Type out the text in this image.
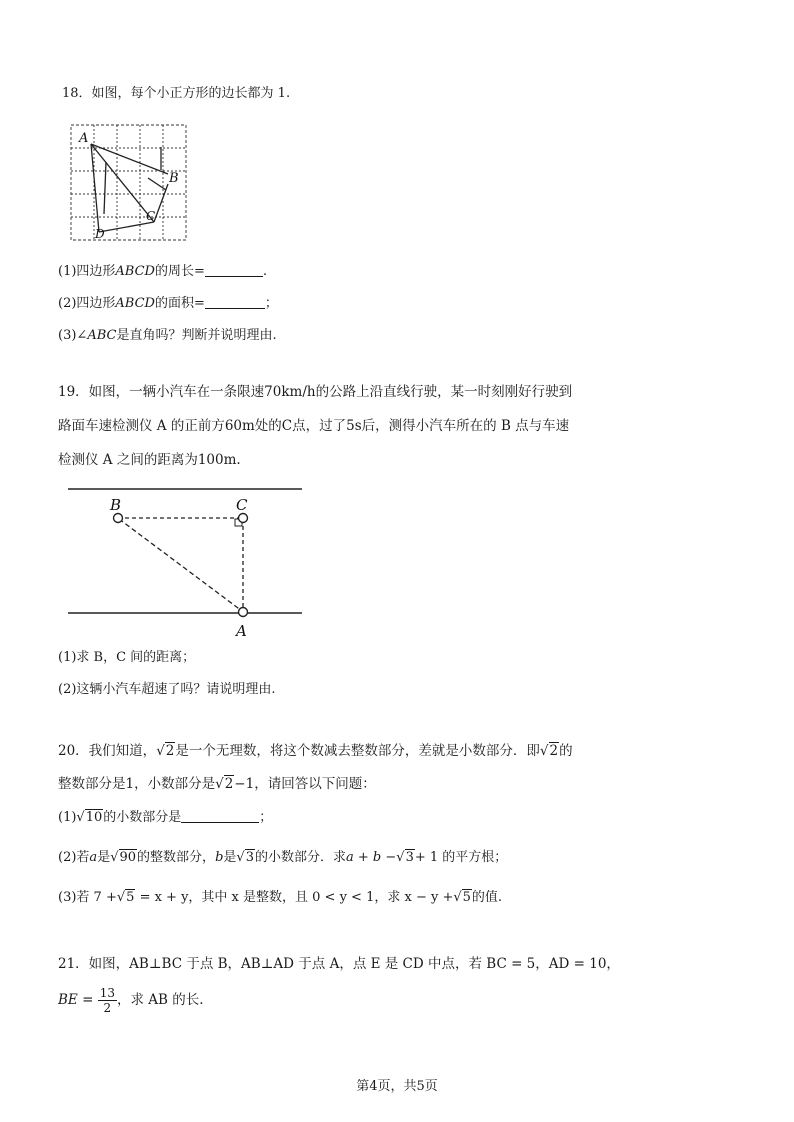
18．如图，每个小正方形的边长都为 1.
A
B
C
D
(1)四边形ABCD的周长=	.
(2)四边形ABCD的面积=	；
(3)∠ABC是直角吗？判断并说明理由.
19．如图，一辆小汽车在一条限速70km/h的公路上沿直线行驶，某一时刻刚好行驶到
路面车速检测仪 A 的正前方60m处的C点，过了5s后，测得小汽车所在的 B 点与车速
检测仪 A 之间的距离为100m.
B	C
A
(1)求 B，C 间的距离；
(2)这辆小汽车超速了吗？请说明理由.
20．我们知道，√2是一个无理数，将这个数减去整数部分，差就是小数部分．即√2的
整数部分是1，小数部分是√2−1，请回答以下问题：
(1)√10的小数部分是	；
(2)若a是√90的整数部分，b是√3的小数部分．求a + b −√3+ 1 的平方根；
(3)若 7 +√5 = x + y，其中 x 是整数，且 0 < y < 1，求 x − y +√5的值.
21．如图，AB⊥BC 于点 B，AB⊥AD 于点 A，点 E 是 CD 中点，若 BC = 5，AD = 10，
BE = $\frac{13}{2}$ ，求 AB 的长.
第4页，共5页
